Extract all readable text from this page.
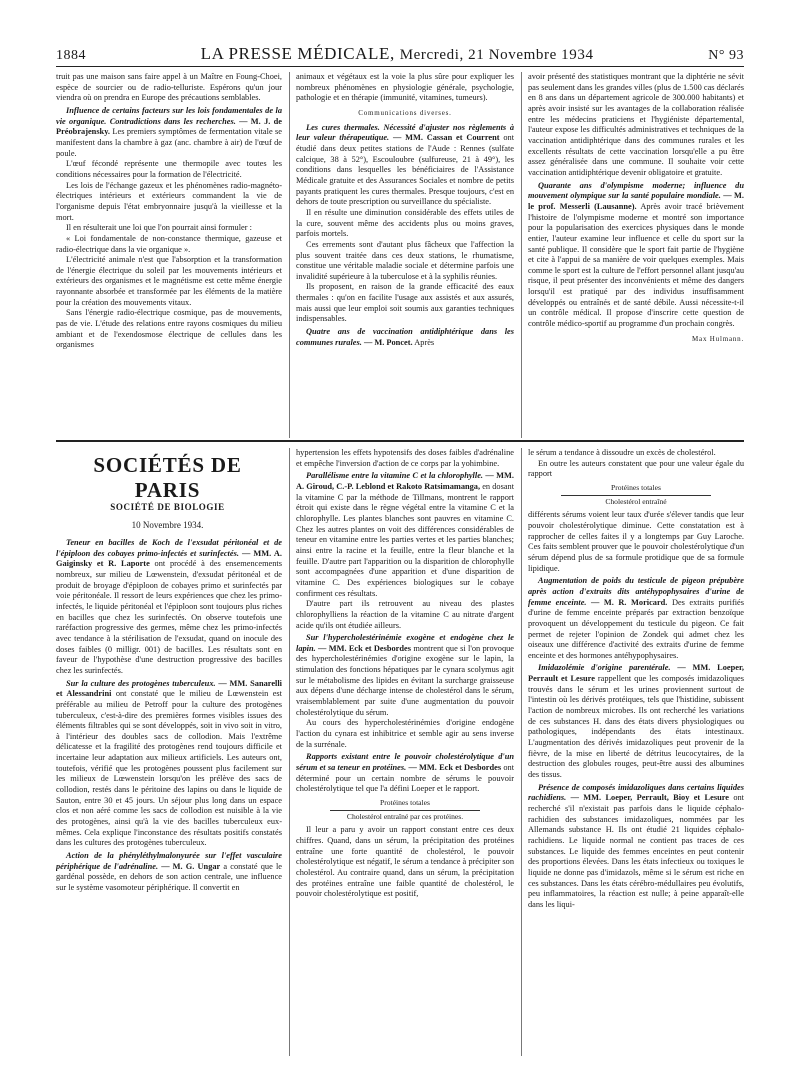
1884	LA PRESSE MÉDICALE, Mercredi, 21 Novembre 1934	N° 93

truit pas une maison sans faire appel à un Maître en Foung-Choei, espèce de sourcier ou de radio-telluriste. Espérons qu'un jour viendra où on prendra en Europe des précautions semblables.

Influence de certains facteurs sur les lois fondamentales de la vie organique. Contradictions dans les recherches. — M. J. de Préobrajensky. Les premiers symptômes de fermentation vitale se manifestent dans la chambre à gaz (anc. chambre à air) de l'œuf de poule.

L'œuf fécondé représente une thermopile avec toutes les conditions nécessaires pour la formation de l'électricité.

Les lois de l'échange gazeux et les phénomènes radio-magnéto-électriques intérieurs et extérieurs commandent la vie de l'organisme depuis l'état embryonnaire jusqu'à la vieillesse et la mort.

Il en résulterait une loi que l'on pourrait ainsi formuler :

« Loi fondamentale de non-constance thermique, gazeuse et radio-électrique dans la vie organique ».

L'électricité animale n'est que l'absorption et la transformation de l'énergie électrique du soleil par les mouvements intérieurs et extérieurs des organismes et le magnétisme est cette même énergie rayonnante absorbée et transformée par les éléments de la matière pour la création des mouvements vitaux.

Sans l'énergie radio-électrique cosmique, pas de mouvements, pas de vie. L'étude des relations entre rayons cosmiques du milieu ambiant et de l'exendosmose électrique de cellules dans les organismes

animaux et végétaux est la voie la plus sûre pour expliquer les nombreux phénomènes en physiologie générale, psychologie, pathologie et en thérapie (immunité, vitamines, tumeurs).

Communications diverses.

Les cures thermales. Nécessité d'ajuster nos règlements à leur valeur thérapeutique. — MM. Cassan et Courrent ont étudié dans deux petites stations de l'Aude : Rennes (sulfate calcique, 38 à 52°), Escouloubre (sulfureuse, 21 à 49°), les conditions dans lesquelles les bénéficiaires de l'Assistance Médicale gratuite et des Assurances Sociales et nombre de petits payants pratiquent les cures thermales. Presque toujours, c'est en dehors de toute prescription ou surveillance du spécialiste.

Il en résulte une diminution considérable des effets utiles de la cure, souvent même des accidents plus ou moins graves, parfois mortels.

Ces errements sont d'autant plus fâcheux que l'affection la plus souvent traitée dans ces deux stations, le rhumatisme, constitue une véritable maladie sociale et détermine parfois une invalidité supérieure à la tuberculose et à la syphilis réunies.

Ils proposent, en raison de la grande efficacité des eaux thermales : qu'on en facilite l'usage aux assistés et aux assurés, mais aussi que leur emploi soit soumis aux garanties techniques indispensables.

Quatre ans de vaccination antidiphtérique dans les communes rurales. — M. Poncet. Après

avoir présenté des statistiques montrant que la diphtérie ne sévit pas seulement dans les grandes villes (plus de 1.500 cas déclarés en 8 ans dans un département agricole de 300.000 habitants) et après avoir insisté sur les avantages de la collaboration réalisée entre les médecins praticiens et l'hygiéniste départemental, l'auteur expose les difficultés administratives et techniques de la vaccination antidiphtérique dans des communes rurales et les excellents résultats de cette vaccination lorsqu'elle a pu être assez généralisée dans une commune. Il souhaite voir cette vaccination antidiphtérique devenir obligatoire et gratuite.

Quarante ans d'olympisme moderne; influence du mouvement olympique sur la santé populaire mondiale. — M. le prof. Messerli (Lausanne). Après avoir tracé brièvement l'histoire de l'olympisme moderne et montré son importance pour la popularisation des exercices physiques dans le monde entier, l'auteur examine leur influence et celle du sport sur la santé publique. Il considère que le sport fait partie de l'hygiène et cite à l'appui de sa manière de voir quelques exemples. Mais comme le sport est la culture de l'effort personnel allant jusqu'au risque, il peut présenter des inconvénients et même des dangers lorsqu'il est pratiqué par des individus insuffisamment développés ou entraînés et de santé débile. Aussi nécessite-t-il un contrôle médical. Il propose d'inscrire cette question de contrôle médico-sportif au programme d'un prochain congrès.

Max Hulmann.
SOCIÉTÉS DE PARIS
SOCIÉTÉ DE BIOLOGIE
10 Novembre 1934.

Teneur en bacilles de Koch de l'exsudat péritonéal et de l'épiploon des cobayes primo-infectés et surinfectés. — MM. A. Gaiginsky et R. Laporte ont procédé à des ensemencements nombreux, sur milieu de Lœwenstein, d'exsudat péritonéal et de produit de broyage d'épiploon de cobayes primo et surinfectés par voie péritonéale. Il ressort de leurs expériences que chez les primo-infectés, le liquide péritonéal et l'épiploon sont toujours plus riches en bacilles que chez les surinfectés. On observe toutefois une raréfaction progressive des germes, même chez les primo-infectés avec tendance à la stérilisation de l'exsudat, quand on inocule des doses faibles (0 milligr. 001) de bacilles. Les résultats sont en faveur de l'hypothèse d'une destruction progressive des bacilles chez les surinfectés.

Sur la culture des protogènes tuberculeux. — MM. Sanarelli et Alessandrini ont constaté que le milieu de Lœwenstein est préférable au milieu de Petroff pour la culture des protogènes tuberculeux, c'est-à-dire des premières formes visibles issues des éléments filtrables qui se sont développés, soit in vivo soit in vitro, à l'intérieur des doubles sacs de collodion. Mais l'extrême délicatesse et la fragilité des protogènes rend toujours difficile et incertaine leur adaptation aux milieux artificiels. Les auteurs ont, toutefois, vérifié que les protogènes poussent plus facilement sur les milieux de Lœwenstein lorsqu'on les prélève des sacs de collodion, restés dans le péritoine des lapins ou dans le liquide de Sauton, entre 30 et 45 jours. Un séjour plus long dans un espace clos et non aéré comme les sacs de collodion est nuisible à la vie des protogènes, ainsi qu'à la vie des bacilles tuberculeux eux-mêmes. Cela explique l'inconstance des résultats positifs constatés dans les cultures des protogènes tuberculeux.

Action de la phényléthylmalonyurée sur l'effet vasculaire périphérique de l'adrénaline. — M. G. Ungar a constaté que le gardénal possède, en dehors de son action centrale, une influence sur le système vasomoteur périphérique. Il convertit en

hypertension les effets hypotensifs des doses faibles d'adrénaline et empêche l'inversion d'action de ce corps par la yohimbine.

Parallélisme entre la vitamine C et la chlorophylle. — MM. A. Giroud, C.-P. Leblond et Rakoto Ratsimamanga, en dosant la vitamine C par la méthode de Tillmans, montrent le rapport étroit qui existe dans le règne végétal entre la vitamine C et la chlorophylle. Les plantes blanches sont pauvres en vitamine C. Chez les autres plantes on voit des différences considérables de teneur en vitamine entre les parties vertes et les parties blanches; ainsi entre la racine et la feuille, entre la fleur blanche et la feuille. D'autre part l'apparition ou la disparition de chlorophylle sont accompagnées d'une apparition et d'une disparition de vitamine C. Des expériences biologiques sur le cobaye confirment ces résultats.

D'autre part ils retrouvent au niveau des plastes chlorophylliens la réaction de la vitamine C au nitrate d'argent acide qu'ils ont étudiée ailleurs.

Sur l'hypercholestérinémie exogène et endogène chez le lapin. — MM. Eck et Desbordes montrent que si l'on provoque des hypercholestérinémies d'origine exogène sur le lapin, la stimulation des fonctions hépatiques par le cynara scolymus agit sur le métabolisme des lipides en évitant la surcharge graisseuse aux dépens d'une décharge intense de cholestérol dans le sérum, vraisemblablement par suite d'une augmentation du pouvoir cholestérolytique du sérum.

Au cours des hypercholestérinémies d'origine endogène l'action du cynara est inhibitrice et semble agir au sens inverse de la surrénale.

Rapports existant entre le pouvoir cholestérolytique d'un sérum et sa teneur en protéines. — MM. Eck et Desbordes ont déterminé pour un certain nombre de sérums le pouvoir cholestérolytique tel que l'a défini Loeper et le rapport.

Protéines totales
Cholestérol entraîné par ces protéines.

Il leur a paru y avoir un rapport constant entre ces deux chiffres. Quand, dans un sérum, la précipitation des protéines entraîne une forte quantité de cholestérol, le pouvoir cholestérolytique est négatif, le sérum a tendance à précipiter son cholestérol. Au contraire quand, dans un sérum, la précipitation des protéines entraîne une faible quantité de cholestérol, le pouvoir cholestérolytique est positif,

le sérum a tendance à dissoudre un excès de cholestérol.

En outre les auteurs constatent que pour une valeur égale du rapport

Protéines totales
Cholestérol entraîné

différents sérums voient leur taux d'urée s'élever tandis que leur pouvoir cholestérolytique diminue. Cette constatation est à rapprocher de celles faites il y a longtemps par Guy Laroche. Ces faits semblent prouver que le pouvoir cholestérolytique d'un sérum dépend plus de sa formule protidique que de sa formule lipidique.

Augmentation de poids du testicule de pigeon prépubère après action d'extraits dits antéhypophysaires d'urine de femme enceinte. — M. R. Moricard. Des extraits purifiés d'urine de femme enceinte préparés par extraction benzoïque provoquent un développement du testicule du pigeon. Ce fait permet de rejeter l'opinion de Zondek qui admet chez les oiseaux une différence d'activité des extraits d'urine de femme enceinte et des hormones antéhypophysaires.

Imidazolémie d'origine parentérale. — MM. Loeper, Perrault et Lesure rappellent que les composés imidazoliques trouvés dans le sérum et les urines proviennent surtout de l'intestin où les dérivés protéiques, tels que l'histidine, subissent l'action de nombreux microbes. Ils ont recherché les variations de ces substances H. dans des états divers physiologiques ou pathologiques, indépendants des états intestinaux. L'augmentation des dérivés imidazoliques peut provenir de la fièvre, de la mise en liberté de détritus leucocytaires, de la destruction des globules rouges, peut-être aussi des albumines des tissus.

Présence de composés imidazoliques dans certains liquides rachidiens. — MM. Loeper, Perrault, Bioy et Lesure ont recherché s'il n'existait pas parfois dans le liquide céphalo-rachidien des substances imidazoliques, nommées par les Allemands substance H. Ils ont étudié 21 liquides céphalo-rachidiens. Le liquide normal ne contient pas traces de ces substances. Le liquide des femmes enceintes en peut contenir des proportions élevées. Dans les états infectieux ou toxiques le liquide ne donne pas d'imidazols, même si le sérum est riche en ces substances. Dans les états cérébro-médullaires peu évolutifs, peu inflammatoires, la réaction est nulle; à peine apparaît-elle dans les liqui-
